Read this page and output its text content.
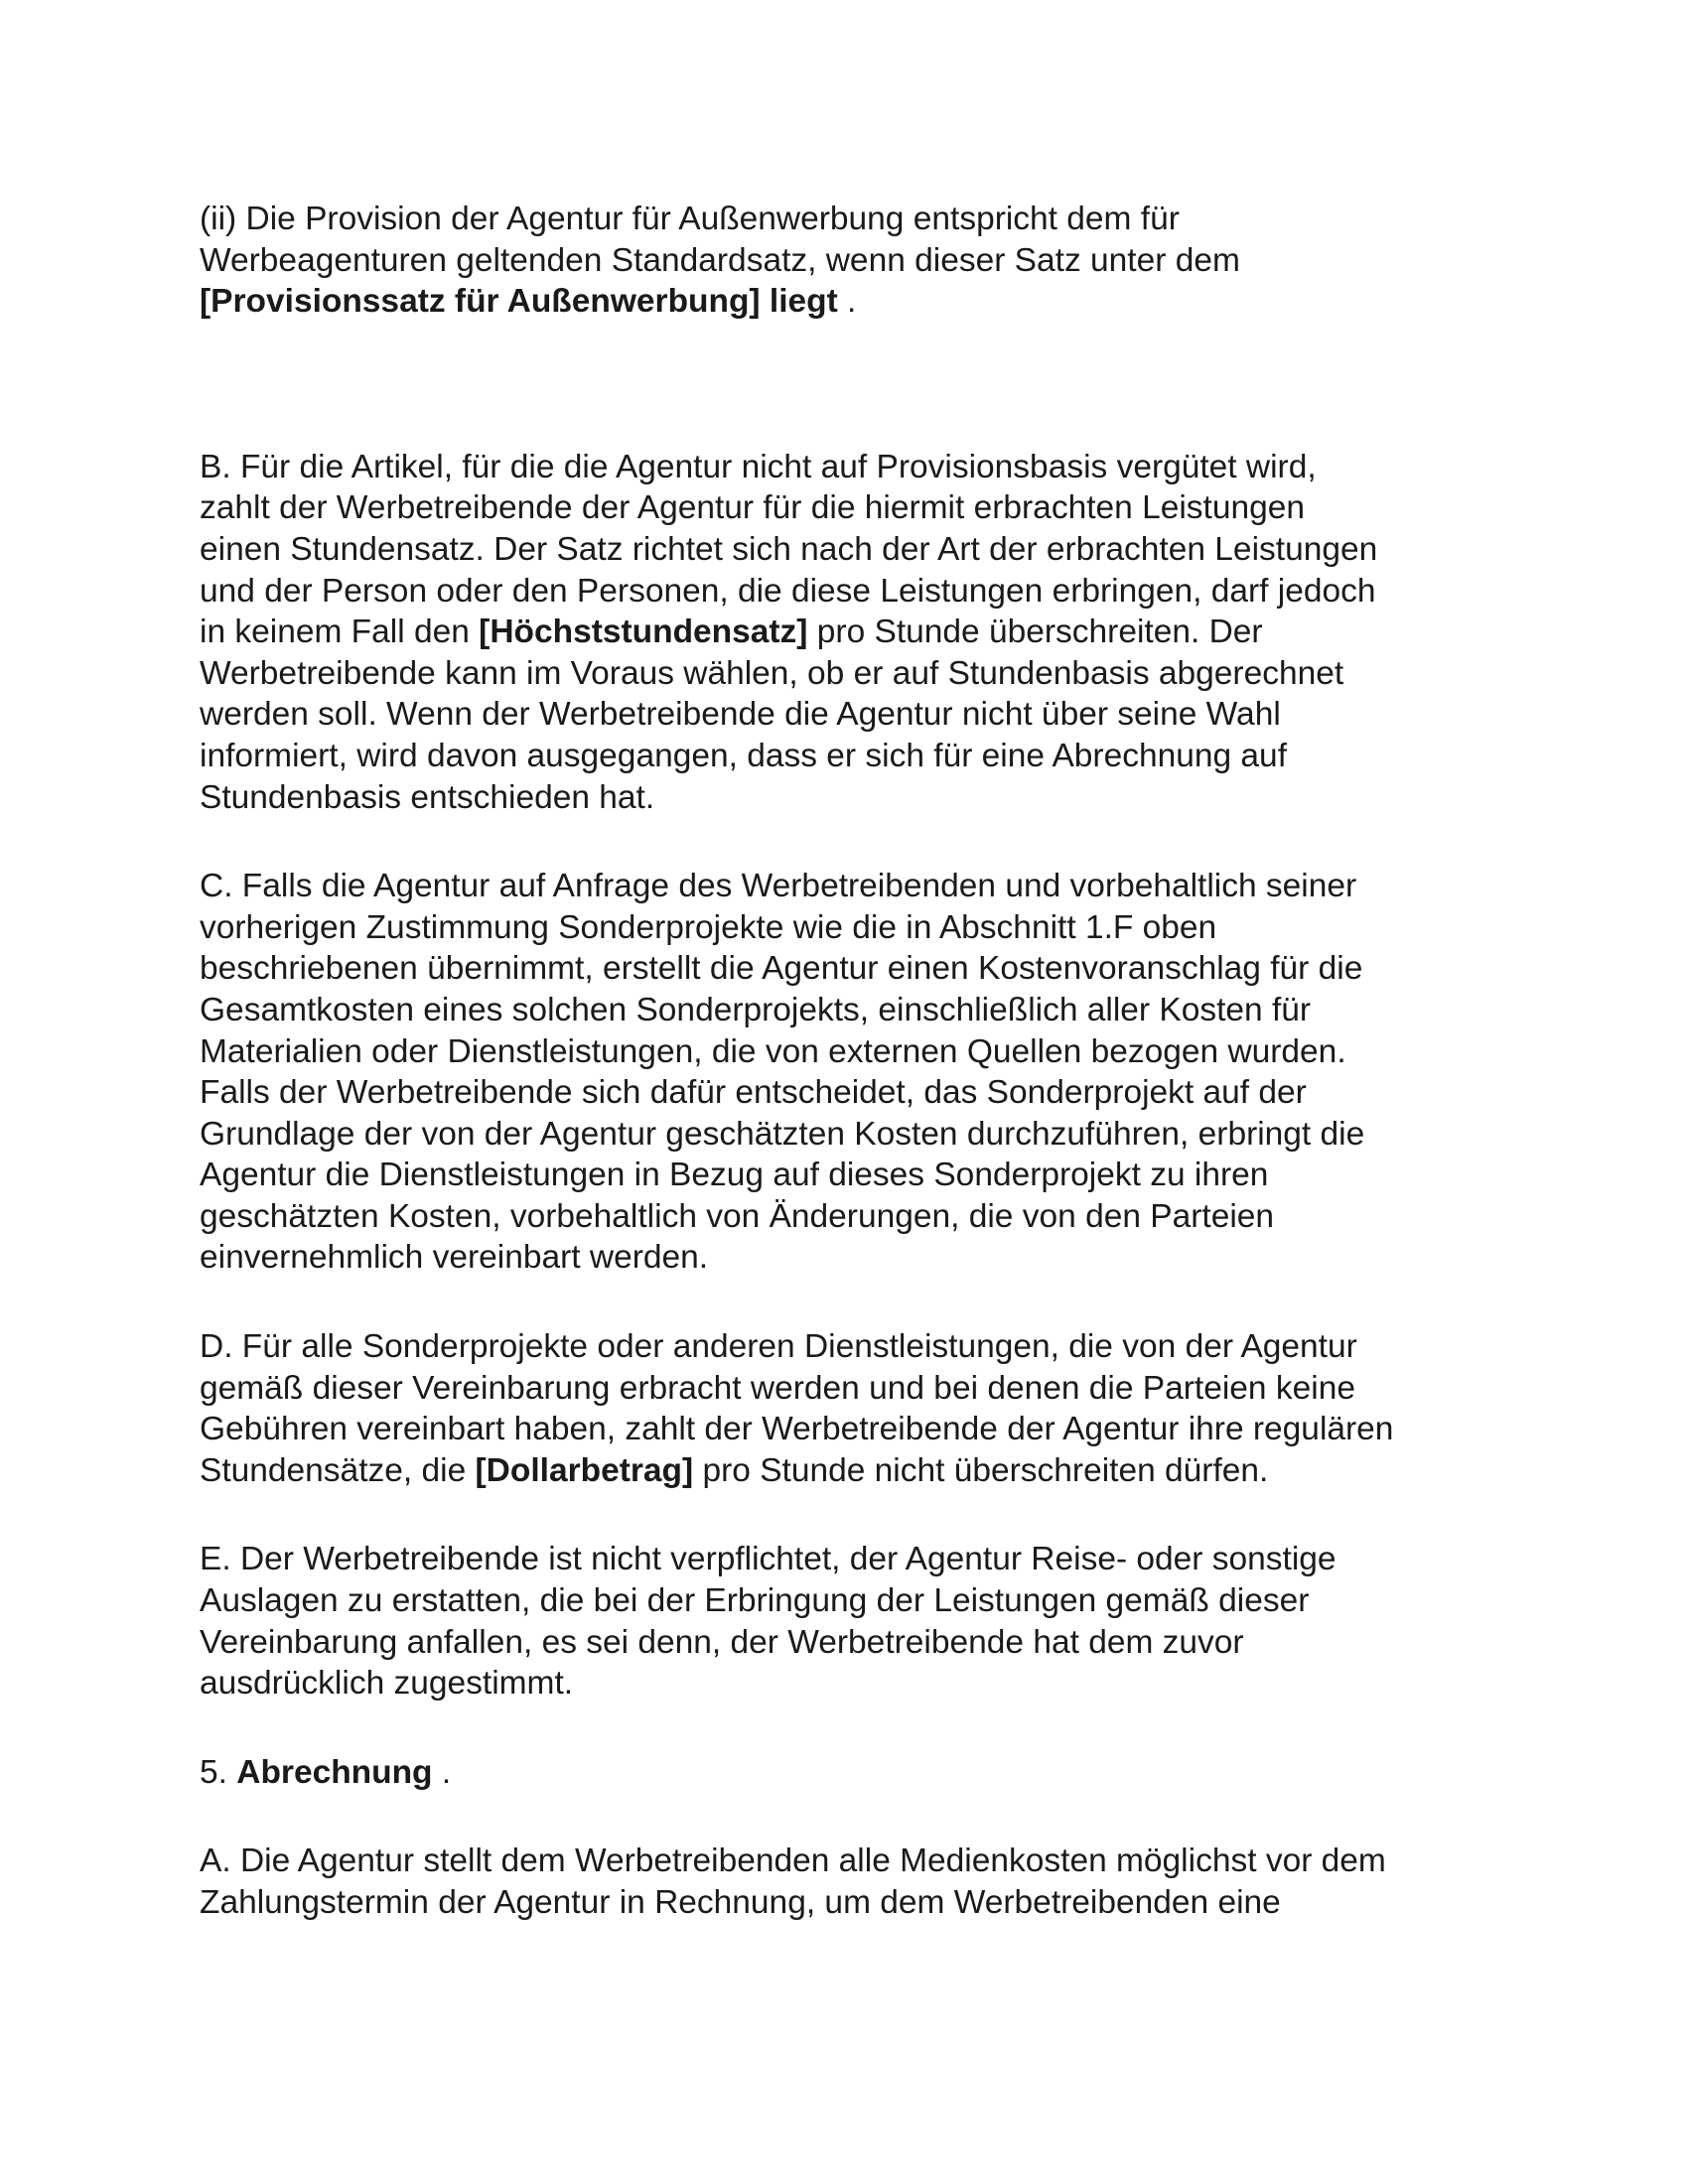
(ii) Die Provision der Agentur für Außenwerbung entspricht dem für
Werbeagenturen geltenden Standardsatz, wenn dieser Satz unter dem
[Provisionssatz für Außenwerbung] liegt .

B. Für die Artikel, für die die Agentur nicht auf Provisionsbasis vergütet wird,
zahlt der Werbetreibende der Agentur für die hiermit erbrachten Leistungen
einen Stundensatz. Der Satz richtet sich nach der Art der erbrachten Leistungen
und der Person oder den Personen, die diese Leistungen erbringen, darf jedoch
in keinem Fall den [Höchststundensatz] pro Stunde überschreiten. Der
Werbetreibende kann im Voraus wählen, ob er auf Stundenbasis abgerechnet
werden soll. Wenn der Werbetreibende die Agentur nicht über seine Wahl
informiert, wird davon ausgegangen, dass er sich für eine Abrechnung auf
Stundenbasis entschieden hat.

C. Falls die Agentur auf Anfrage des Werbetreibenden und vorbehaltlich seiner
vorherigen Zustimmung Sonderprojekte wie die in Abschnitt 1.F oben
beschriebenen übernimmt, erstellt die Agentur einen Kostenvoranschlag für die
Gesamtkosten eines solchen Sonderprojekts, einschließlich aller Kosten für
Materialien oder Dienstleistungen, die von externen Quellen bezogen wurden.
Falls der Werbetreibende sich dafür entscheidet, das Sonderprojekt auf der
Grundlage der von der Agentur geschätzten Kosten durchzuführen, erbringt die
Agentur die Dienstleistungen in Bezug auf dieses Sonderprojekt zu ihren
geschätzten Kosten, vorbehaltlich von Änderungen, die von den Parteien
einvernehmlich vereinbart werden.

D. Für alle Sonderprojekte oder anderen Dienstleistungen, die von der Agentur
gemäß dieser Vereinbarung erbracht werden und bei denen die Parteien keine
Gebühren vereinbart haben, zahlt der Werbetreibende der Agentur ihre regulären
Stundensätze, die [Dollarbetrag] pro Stunde nicht überschreiten dürfen.

E. Der Werbetreibende ist nicht verpflichtet, der Agentur Reise- oder sonstige
Auslagen zu erstatten, die bei der Erbringung der Leistungen gemäß dieser
Vereinbarung anfallen, es sei denn, der Werbetreibende hat dem zuvor
ausdrücklich zugestimmt.

5. Abrechnung .

A. Die Agentur stellt dem Werbetreibenden alle Medienkosten möglichst vor dem
Zahlungstermin der Agentur in Rechnung, um dem Werbetreibenden eine
